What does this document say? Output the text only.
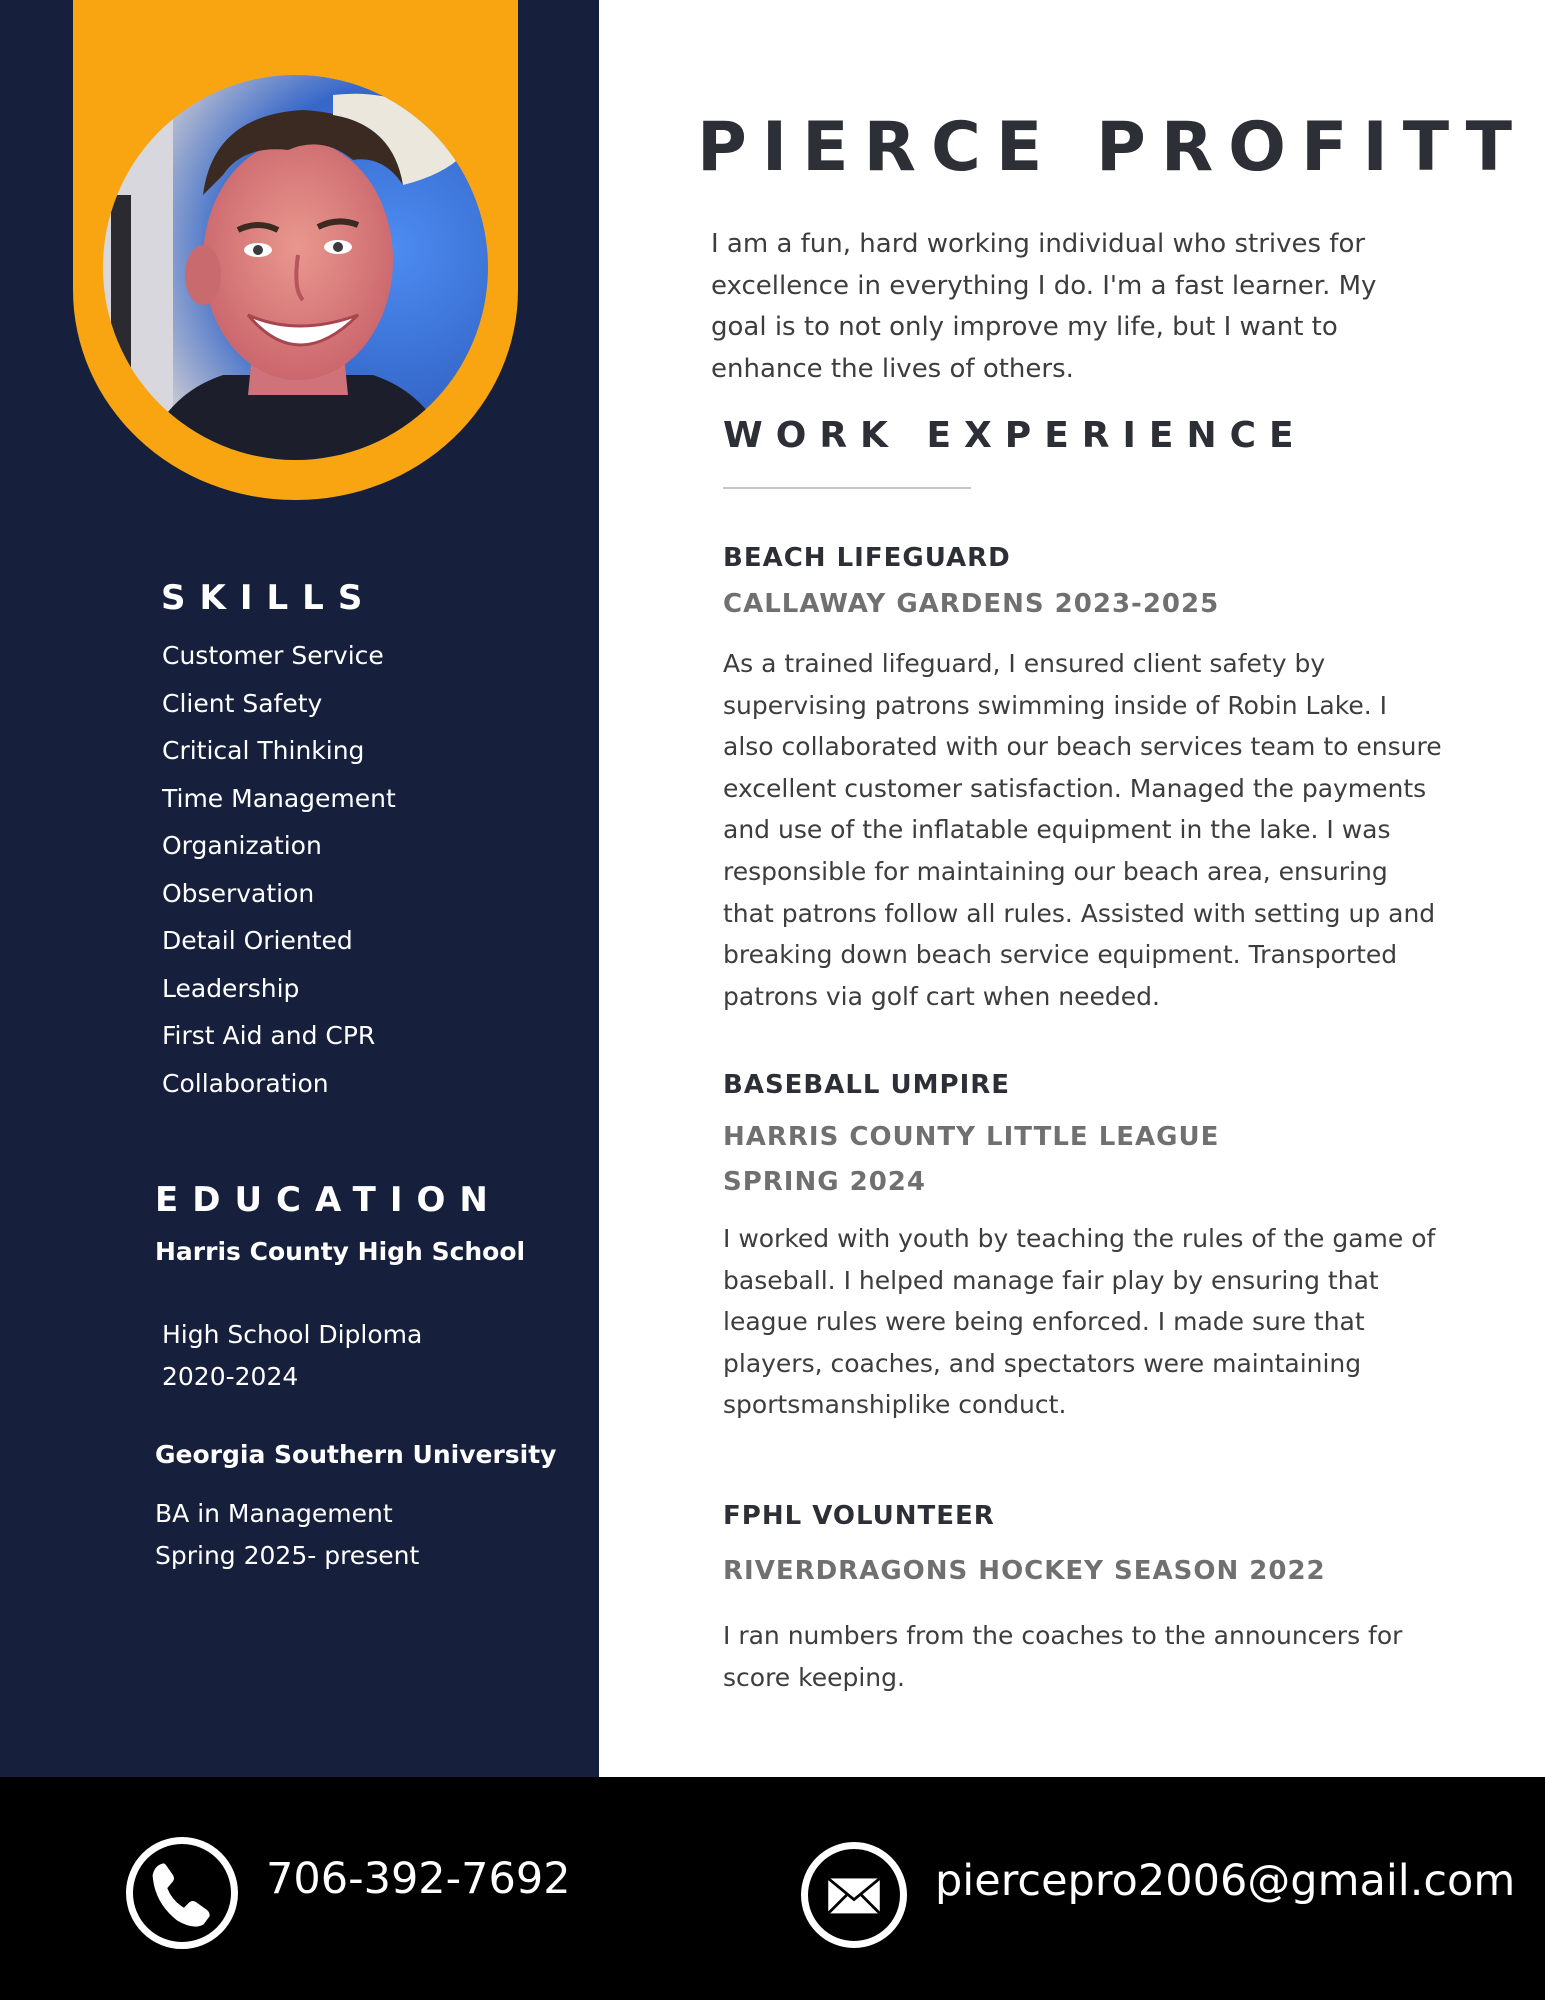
SKILLS
Customer Service
Client Safety
Critical Thinking
Time Management
Organization
Observation
Detail Oriented
Leadership
First Aid and CPR
Collaboration
EDUCATION

Harris County High School

High School Diploma

2020-2024

Georgia Southern University

BA in Management

Spring 2025- present

PIERCE PROFITT

I am a fun, hard working individual who strives for excellence in everything I do. I'm a fast learner. My goal is to not only improve my life, but I want to enhance the lives of others.

WORK EXPERIENCE

BEACH LIFEGUARD

CALLAWAY GARDENS 2023-2025

As a trained lifeguard, I ensured client safety by supervising patrons swimming inside of Robin Lake. I also collaborated with our beach services team to ensure excellent customer satisfaction. Managed the payments and use of the inflatable equipment in the lake. I was responsible for maintaining our beach area, ensuring that patrons follow all rules. Assisted with setting up and breaking down beach service equipment. Transported patrons via golf cart when needed.

BASEBALL UMPIRE

HARRIS COUNTY LITTLE LEAGUE

SPRING 2024

I worked with youth by teaching the rules of the game of baseball. I helped manage fair play by ensuring that league rules were being enforced. I made sure that players, coaches, and spectators were maintaining sportsmanshiplike conduct.

FPHL VOLUNTEER

RIVERDRAGONS HOCKEY SEASON 2022

I ran numbers from the coaches to the announcers for score keeping.

706-392-7692	piercepro2006@gmail.com
